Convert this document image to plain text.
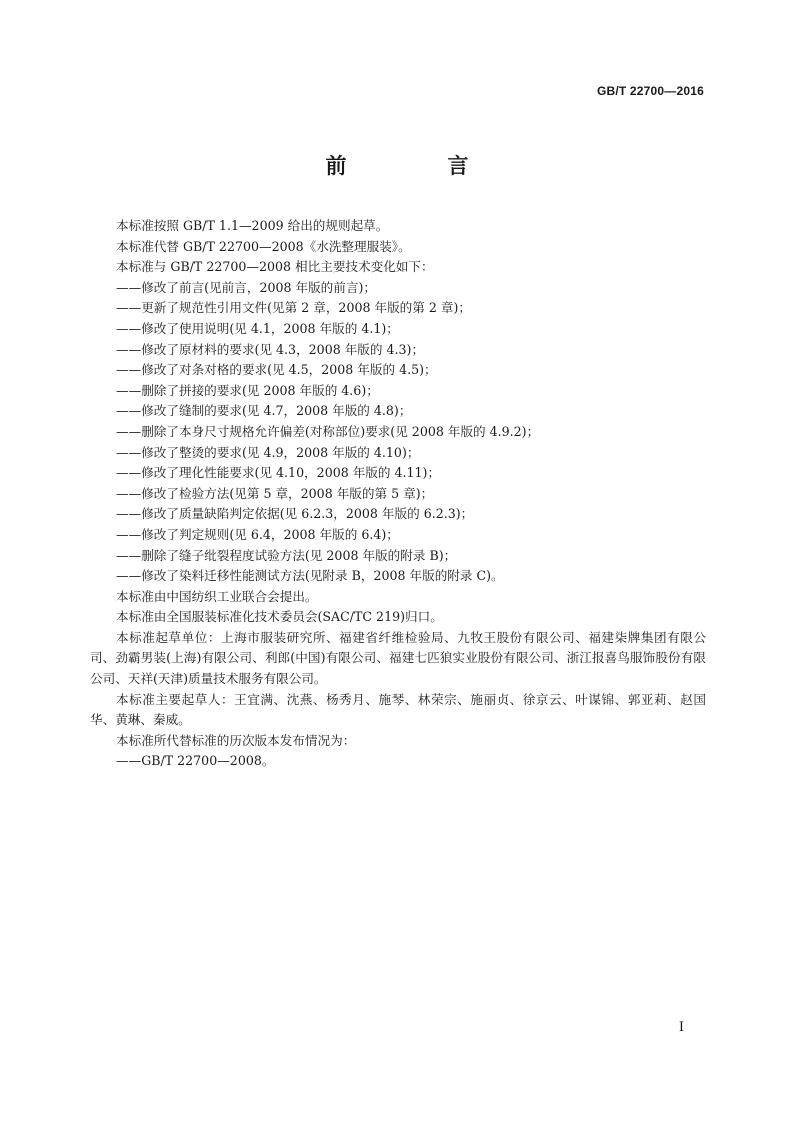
GB/T 22700—2016
前　言

本标准按照 GB/T 1.1—2009 给出的规则起草。

本标准代替 GB/T 22700—2008《水洗整理服装》。

本标准与 GB/T 22700—2008 相比主要技术变化如下：

——修改了前言(见前言，2008 年版的前言)；

——更新了规范性引用文件(见第 2 章，2008 年版的第 2 章)；

——修改了使用说明(见 4.1，2008 年版的 4.1)；

——修改了原材料的要求(见 4.3，2008 年版的 4.3)；

——修改了对条对格的要求(见 4.5，2008 年版的 4.5)；

——删除了拼接的要求(见 2008 年版的 4.6)；

——修改了缝制的要求(见 4.7，2008 年版的 4.8)；

——删除了本身尺寸规格允许偏差(对称部位)要求(见 2008 年版的 4.9.2)；

——修改了整烫的要求(见 4.9，2008 年版的 4.10)；

——修改了理化性能要求(见 4.10，2008 年版的 4.11)；

——修改了检验方法(见第 5 章，2008 年版的第 5 章)；

——修改了质量缺陷判定依据(见 6.2.3，2008 年版的 6.2.3)；

——修改了判定规则(见 6.4，2008 年版的 6.4)；

——删除了缝子纰裂程度试验方法(见 2008 年版的附录 B)；

——修改了染料迁移性能测试方法(见附录 B，2008 年版的附录 C)。

本标准由中国纺织工业联合会提出。

本标准由全国服装标准化技术委员会(SAC/TC 219)归口。

本标准起草单位：上海市服装研究所、福建省纤维检验局、九牧王股份有限公司、福建柒牌集团有限公司、劲霸男装(上海)有限公司、利郎(中国)有限公司、福建七匹狼实业股份有限公司、浙江报喜鸟服饰股份有限公司、天祥(天津)质量技术服务有限公司。

本标准主要起草人：王宜满、沈燕、杨秀月、施琴、林荣宗、施丽贞、徐京云、叶谋锦、郭亚莉、赵国华、黄琳、秦威。

本标准所代替标准的历次版本发布情况为：

——GB/T 22700—2008。

I
